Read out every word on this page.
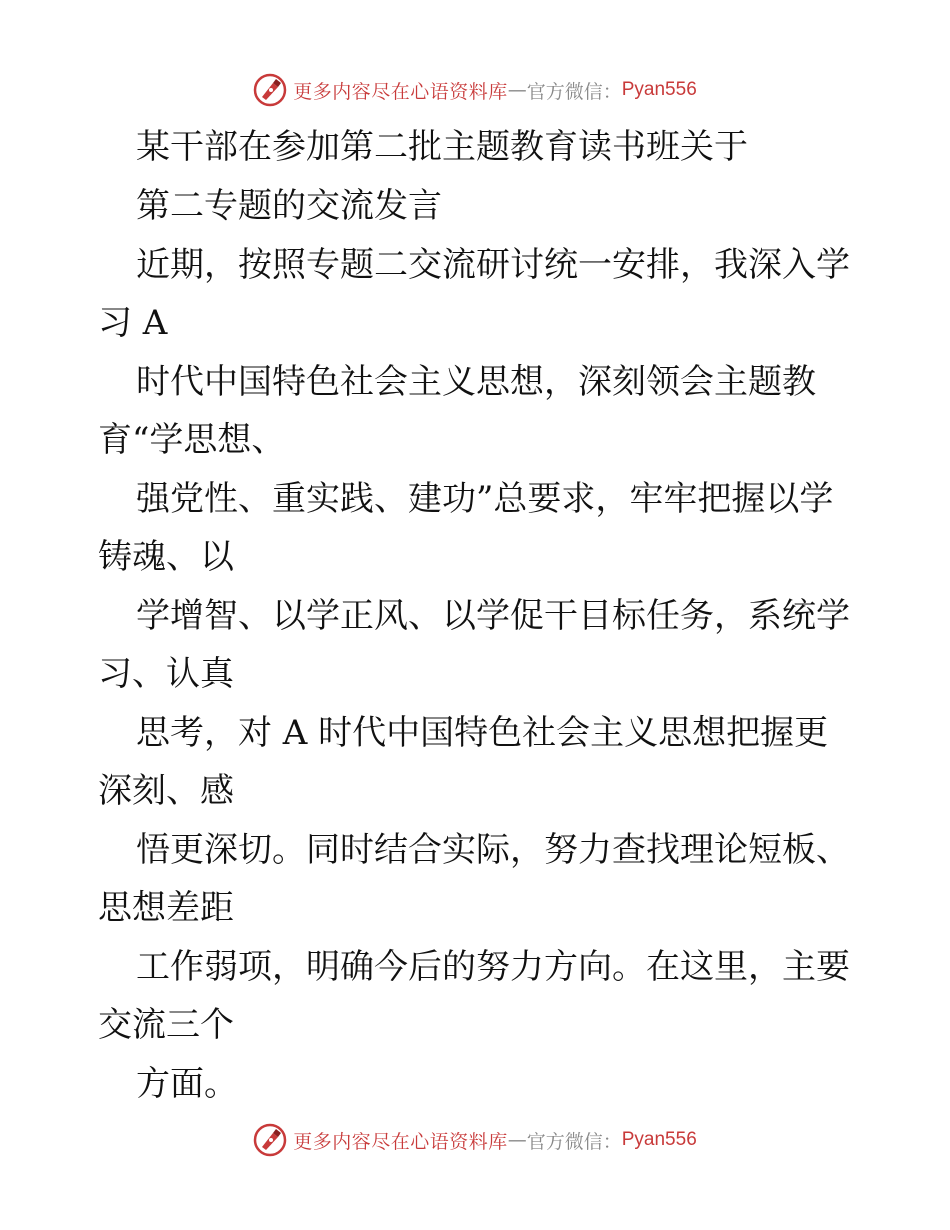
更多内容尽在心语资料库 — 官方微信： Pyan556
某干部在参加第二批主题教育读书班关于
第二专题的交流发言
近期，按照专题二交流研讨统一安排，我深入学
习 A
时代中国特色社会主义思想，深刻领会主题教
育“学思想、
强党性、重实践、建功”总要求，牢牢把握以学
铸魂、以
学增智、以学正风、以学促干目标任务，系统学
习、认真
思考，对 A 时代中国特色社会主义思想把握更
深刻、感
悟更深切。同时结合实际，努力查找理论短板、
思想差距
工作弱项，明确今后的努力方向。在这里，主要
交流三个
方面。
更多内容尽在心语资料库 — 官方微信： Pyan556
